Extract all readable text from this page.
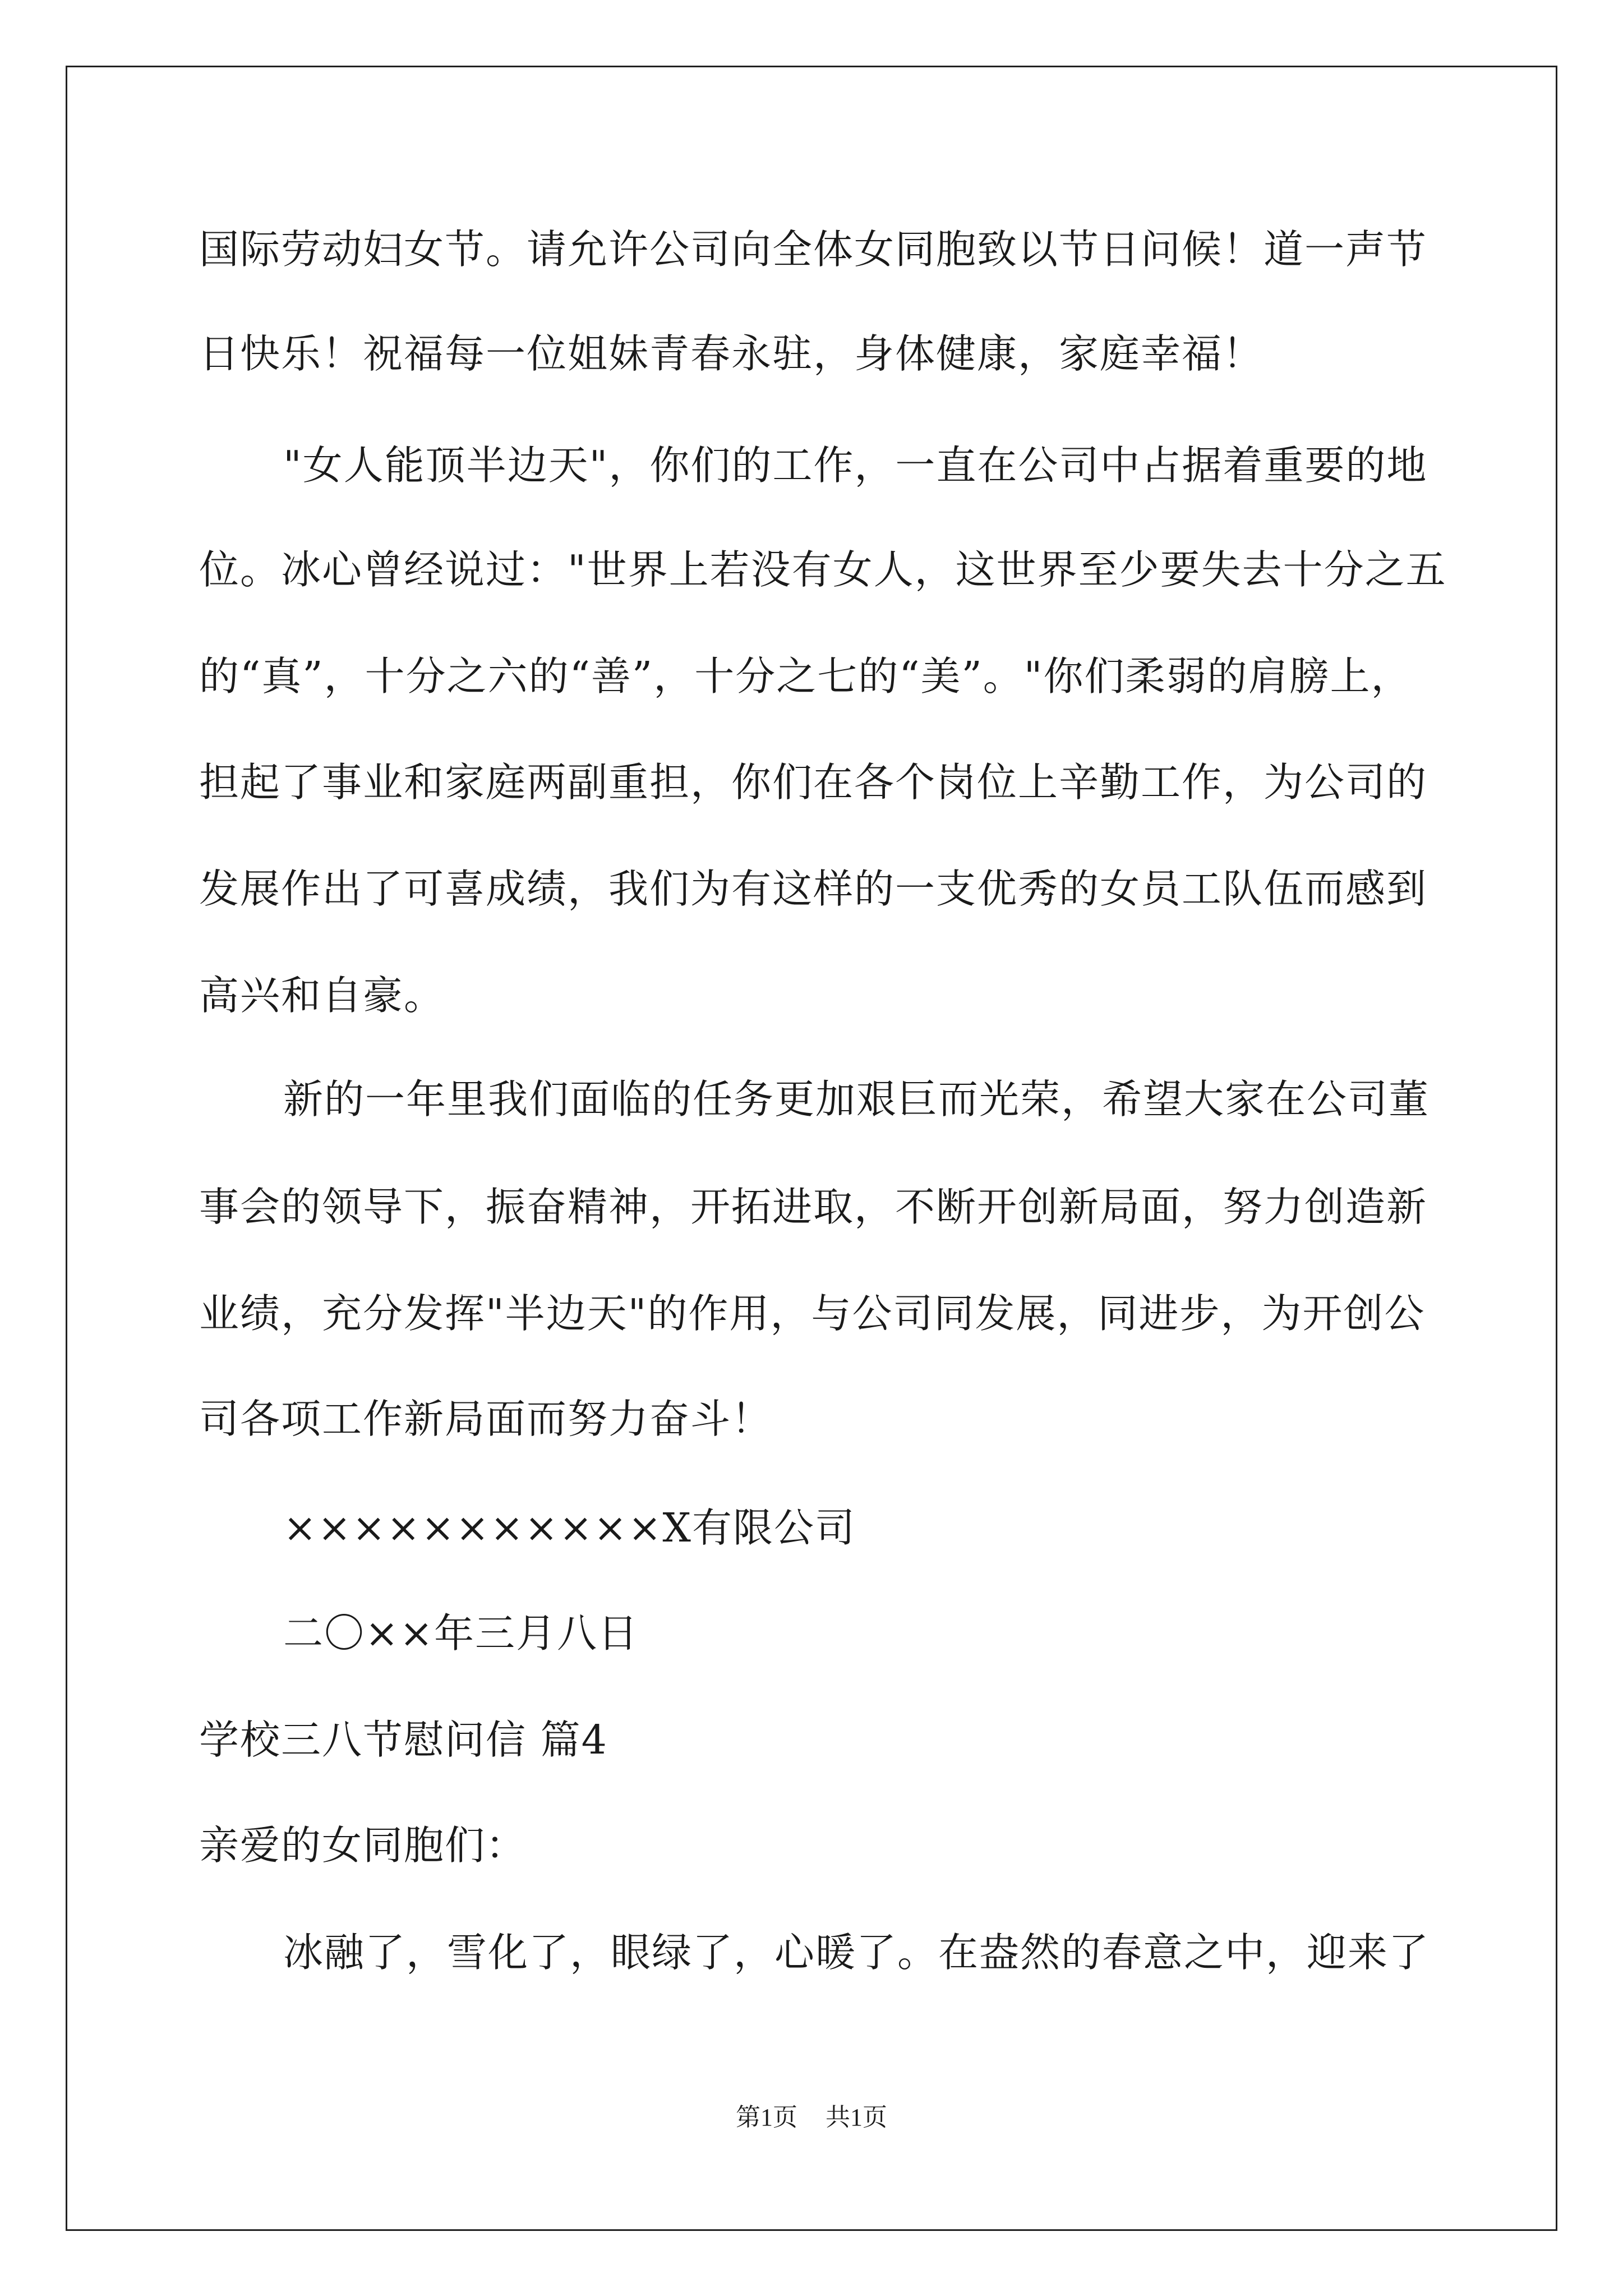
国际劳动妇女节。请允许公司向全体女同胞致以节日问候！道一声节
日快乐！祝福每一位姐妹青春永驻，身体健康，家庭幸福！
"女人能顶半边天"，你们的工作，一直在公司中占据着重要的地
位。冰心曾经说过："世界上若没有女人，这世界至少要失去十分之五
的“真”，十分之六的“善”，十分之七的“美”。"你们柔弱的肩膀上，
担起了事业和家庭两副重担，你们在各个岗位上辛勤工作，为公司的
发展作出了可喜成绩，我们为有这样的一支优秀的女员工队伍而感到
高兴和自豪。
新的一年里我们面临的任务更加艰巨而光荣，希望大家在公司董
事会的领导下，振奋精神，开拓进取，不断开创新局面，努力创造新
业绩，充分发挥"半边天"的作用，与公司同发展，同进步，为开创公
司各项工作新局面而努力奋斗！
×××××××××××X有限公司
二〇××年三月八日
学校三八节慰问信 篇4
亲爱的女同胞们：
冰融了，雪化了，眼绿了，心暖了。在盎然的春意之中，迎来了
第1页 共1页
